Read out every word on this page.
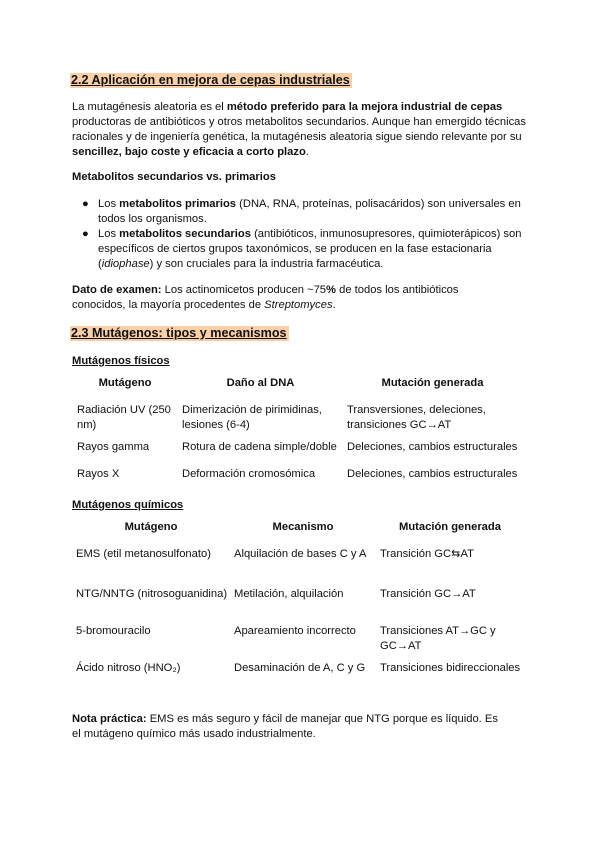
2.2 Aplicación en mejora de cepas industriales

La mutagénesis aleatoria es el método preferido para la mejora industrial de cepas productoras de antibióticos y otros metabolitos secundarios. Aunque han emergido técnicas racionales y de ingeniería genética, la mutagénesis aleatoria sigue siendo relevante por su sencillez, bajo coste y eficacia a corto plazo.

Metabolitos secundarios vs. primarios
● Los metabolitos primarios (DNA, RNA, proteínas, polisacáridos) son universales en todos los organismos.
● Los metabolitos secundarios (antibióticos, inmunosupresores, quimioterápicos) son específicos de ciertos grupos taxonómicos, se producen en la fase estacionaria (idiophase) y son cruciales para la industria farmacéutica.

Dato de examen: Los actinomicetos producen ~75% de todos los antibióticos conocidos, la mayoría procedentes de Streptomyces.

2.3 Mutágenos: tipos y mecanismos
Mutágenos físicos
Mutágeno	Daño al DNA	Mutación generada
Radiación UV (250 nm)	Dimerización de pirimidinas, lesiones (6-4)	Transversiones, deleciones, transiciones GC→AT
Rayos gamma	Rotura de cadena simple/doble	Deleciones, cambios estructurales
Rayos X	Deformación cromosómica	Deleciones, cambios estructurales
Mutágenos químicos
Mutágeno	Mecanismo	Mutación generada
EMS (etil metanosulfonato)	Alquilación de bases C y A	Transición GC⇆AT
NTG/NNTG (nitrosoguanidina)	Metilación, alquilación	Transición GC→AT
5-bromouracilo	Apareamiento incorrecto	Transiciones AT→GC y GC→AT
Ácido nitroso (HNO₂)	Desaminación de A, C y G	Transiciones bidireccionales

Nota práctica: EMS es más seguro y fácil de manejar que NTG porque es líquido. Es el mutágeno químico más usado industrialmente.
